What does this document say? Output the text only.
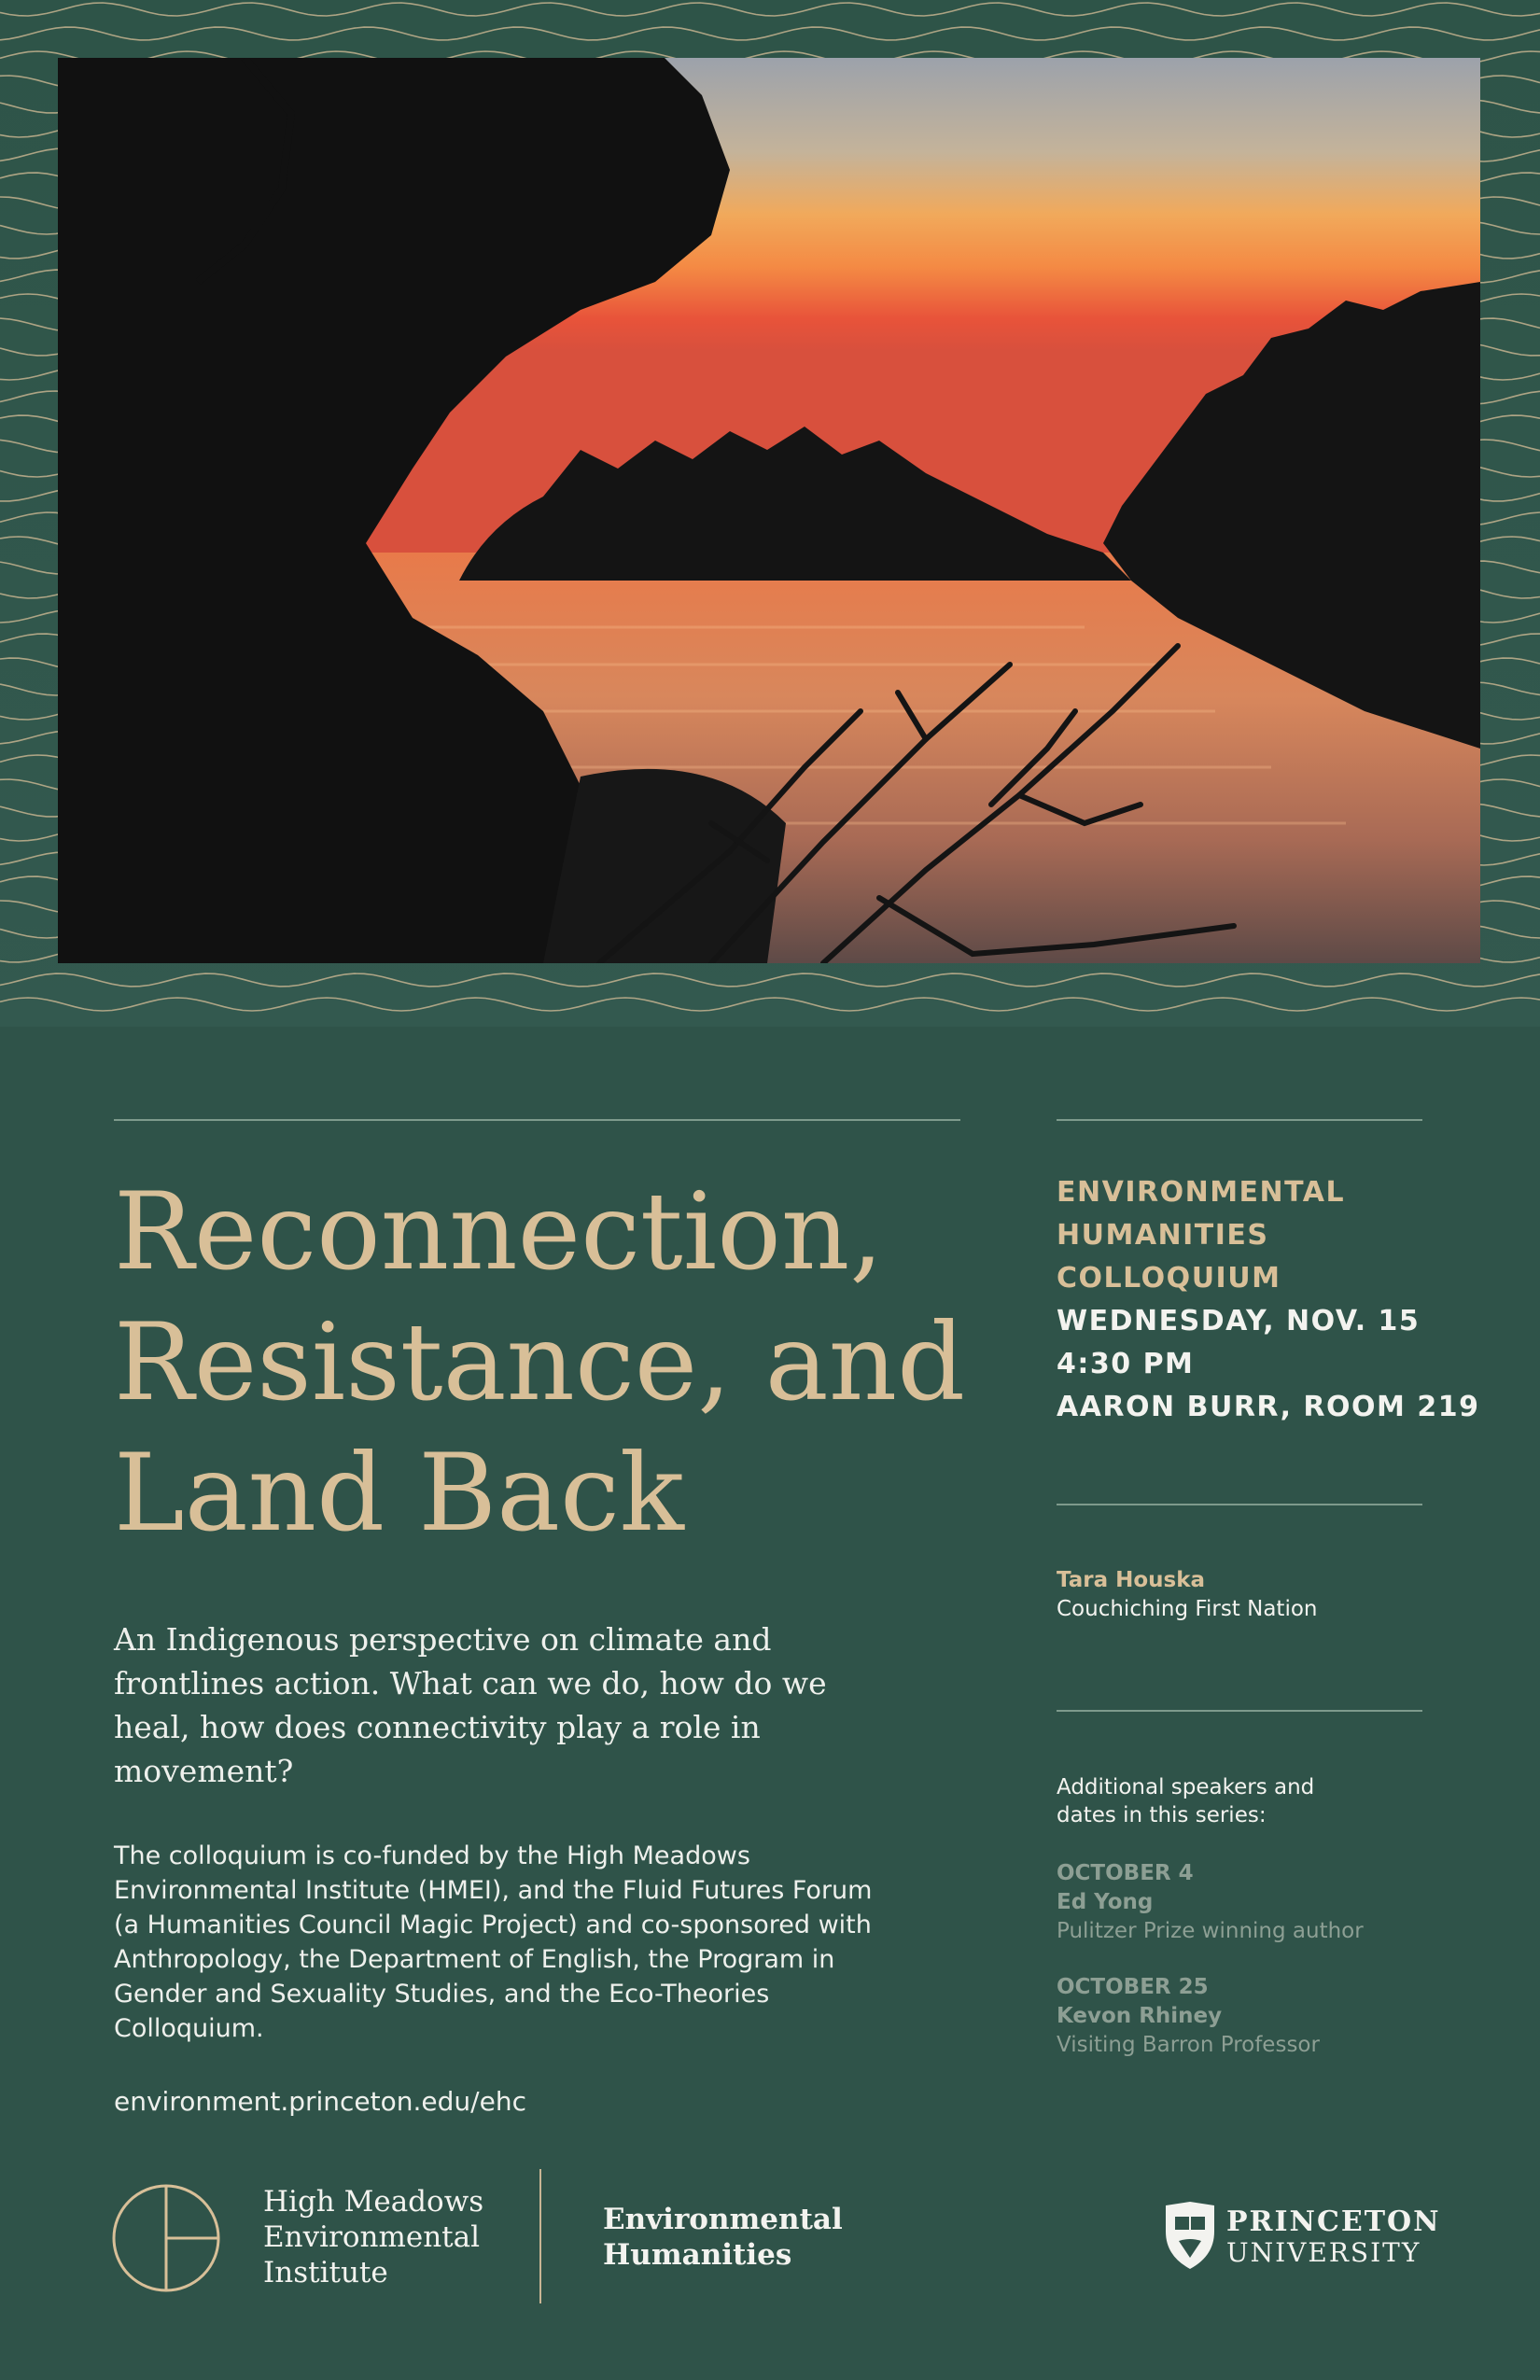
Reconnection,
Resistance, and
Land Back
An Indigenous perspective on climate and frontlines action. What can we do, how do we heal, how does connectivity play a role in movement?
The colloquium is co-funded by the High Meadows Environmental Institute (HMEI), and the Fluid Futures Forum (a Humanities Council Magic Project) and co-sponsored with Anthropology, the Department of English, the Program in Gender and Sexuality Studies, and the Eco-Theories Colloquium.
environment.princeton.edu/ehc
ENVIRONMENTAL
HUMANITIES
COLLOQUIUM
WEDNESDAY, NOV. 15
4:30 PM
AARON BURR, ROOM 219
Tara Houska
Couchiching First Nation
Additional speakers and dates in this series:
OCTOBER 4
Ed Yong
Pulitzer Prize winning author
OCTOBER 25
Kevon Rhiney
Visiting Barron Professor
High Meadows
Environmental
Institute
Environmental
Humanities
PRINCETON
UNIVERSITY
